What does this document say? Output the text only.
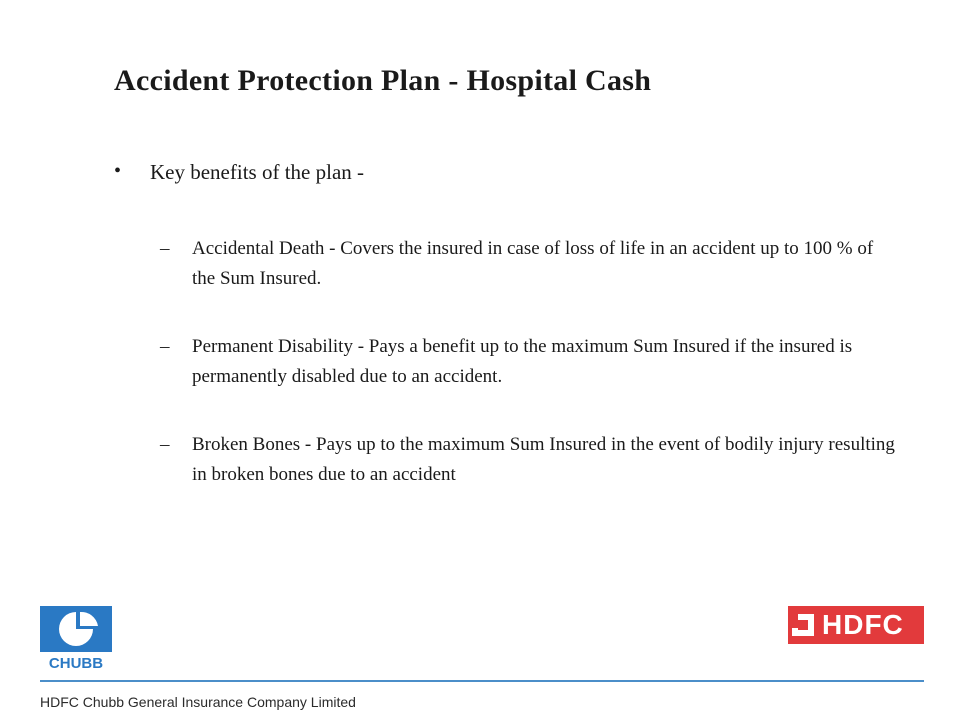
Accident Protection Plan - Hospital Cash
•	Key benefits of the plan -
–	Accidental Death - Covers the insured in case of loss of life in an accident up to 100 % of the Sum Insured.
–	Permanent Disability - Pays a benefit up to the maximum Sum Insured if the insured is permanently disabled due to an accident.
–	Broken Bones - Pays up to the maximum Sum Insured in the event of bodily injury resulting in broken bones due to an accident
CHUBB
HDFC
HDFC Chubb General Insurance Company Limited
